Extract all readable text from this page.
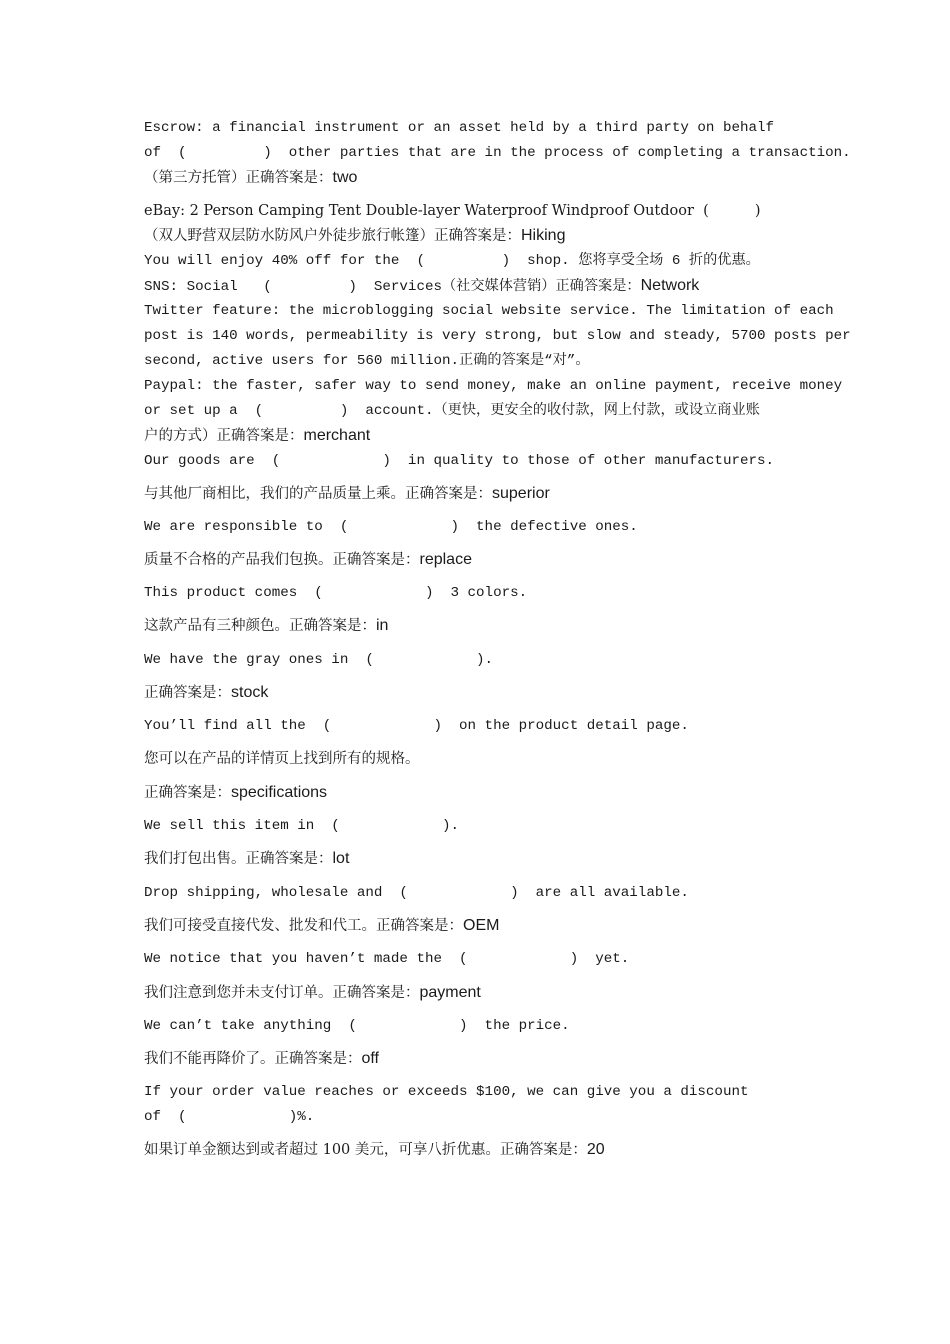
Escrow: a financial instrument or an asset held by a third party on behalf

of  (         )  other parties that are in the process of completing a transaction.

（第三方托管）正确答案是：two

eBay: 2 Person Camping Tent Double-layer Waterproof Windproof Outdoor  (          )

（双人野营双层防水防风户外徒步旅行帐篷）正确答案是：Hiking

You will enjoy 40% off for the  (         )  shop. 您将享受全场 6 折的优惠。

SNS: Social   (         )  Services（社交媒体营销）正确答案是：Network

Twitter feature: the microblogging social website service. The limitation of each

post is 140 words, permeability is very strong, but slow and steady, 5700 posts per

second, active users for 560 million.正确的答案是“对”。

Paypal: the faster, safer way to send money, make an online payment, receive money

or set up a  (         )  account.（更快，更安全的收付款，网上付款，或设立商业账

户的方式）正确答案是：merchant

Our goods are  (            )  in quality to those of other manufacturers.

与其他厂商相比，我们的产品质量上乘。正确答案是：superior

We are responsible to  (            )  the defective ones.

质量不合格的产品我们包换。正确答案是：replace

This product comes  (            )  3 colors.

这款产品有三种颜色。正确答案是：in

We have the gray ones in  (            ).

正确答案是：stock

You’ll find all the  (            )  on the product detail page.

您可以在产品的详情页上找到所有的规格。

正确答案是：specifications

We sell this item in  (            ).

我们打包出售。正确答案是：lot

Drop shipping, wholesale and  (            )  are all available.

我们可接受直接代发、批发和代工。正确答案是：OEM

We notice that you haven’t made the  (            )  yet.

我们注意到您并未支付订单。正确答案是：payment

We can’t take anything  (            )  the price.

我们不能再降价了。正确答案是：off

If your order value reaches or exceeds $100, we can give you a discount

of  (            )%.

如果订单金额达到或者超过 100 美元，可享八折优惠。正确答案是：20
